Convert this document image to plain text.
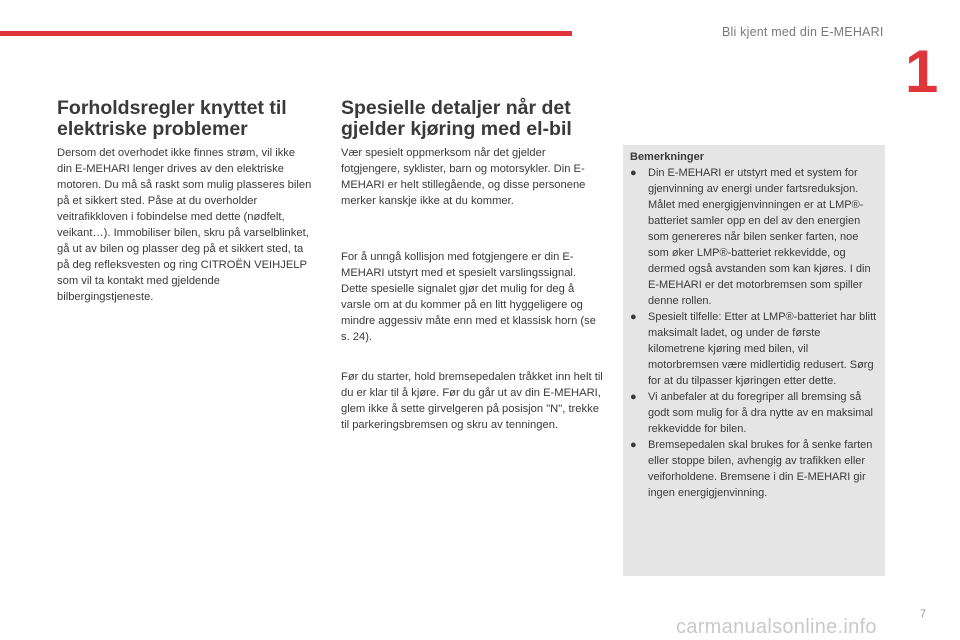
Bli kjent med din E-MEHARI
1
Forholdsregler knyttet til elektriske problemer

Dersom det overhodet ikke finnes strøm, vil ikke din E-MEHARI lenger drives av den elektriske motoren. Du må så raskt som mulig plasseres bilen på et sikkert sted. Påse at du overholder veitrafikkloven i fobindelse med dette (nødfelt, veikant…). Immobiliser bilen, skru på varselblinket, gå ut av bilen og plasser deg på et sikkert sted, ta på deg refleksvesten og ring CITROËN VEIHJELP som vil ta kontakt med gjeldende bilbergingstjeneste.

Spesielle detaljer når det gjelder kjøring med el-bil

Vær spesielt oppmerksom når det gjelder fotgjengere, syklister, barn og motorsykler. Din E-MEHARI er helt stillegående, og disse personene merker kanskje ikke at du kommer.

For å unngå kollisjon med fotgjengere er din E-MEHARI utstyrt med et spesielt varslingssignal. Dette spesielle signalet gjør det mulig for deg å varsle om at du kommer på en litt hyggeligere og mindre aggessiv måte enn med et klassisk horn (se s. 24).

Før du starter, hold bremsepedalen tråkket inn helt til du er klar til å kjøre. Før du går ut av din E-MEHARI, glem ikke å sette girvelgeren på posisjon "N", trekke til parkeringsbremsen og skru av tenningen.

Bemerkninger
● Din E-MEHARI er utstyrt med et system for gjenvinning av energi under fartsreduksjon. Målet med energigjenvinningen er at LMP®-batteriet samler opp en del av den energien som genereres når bilen senker farten, noe som øker LMP®-batteriet rekkevidde, og dermed også avstanden som kan kjøres. I din E-MEHARI er det motorbremsen som spiller denne rollen.
● Spesielt tilfelle: Etter at LMP®-batteriet har blitt maksimalt ladet, og under de første kilometrene kjøring med bilen, vil motorbremsen være midlertidig redusert. Sørg for at du tilpasser kjøringen etter dette.
● Vi anbefaler at du foregriper all bremsing så godt som mulig for å dra nytte av en maksimal rekkevidde for bilen.
● Bremsepedalen skal brukes for å senke farten eller stoppe bilen, avhengig av trafikken eller veiforholdene. Bremsene i din E-MEHARI gir ingen energigjenvinning.
7
carmanualsonline.info
